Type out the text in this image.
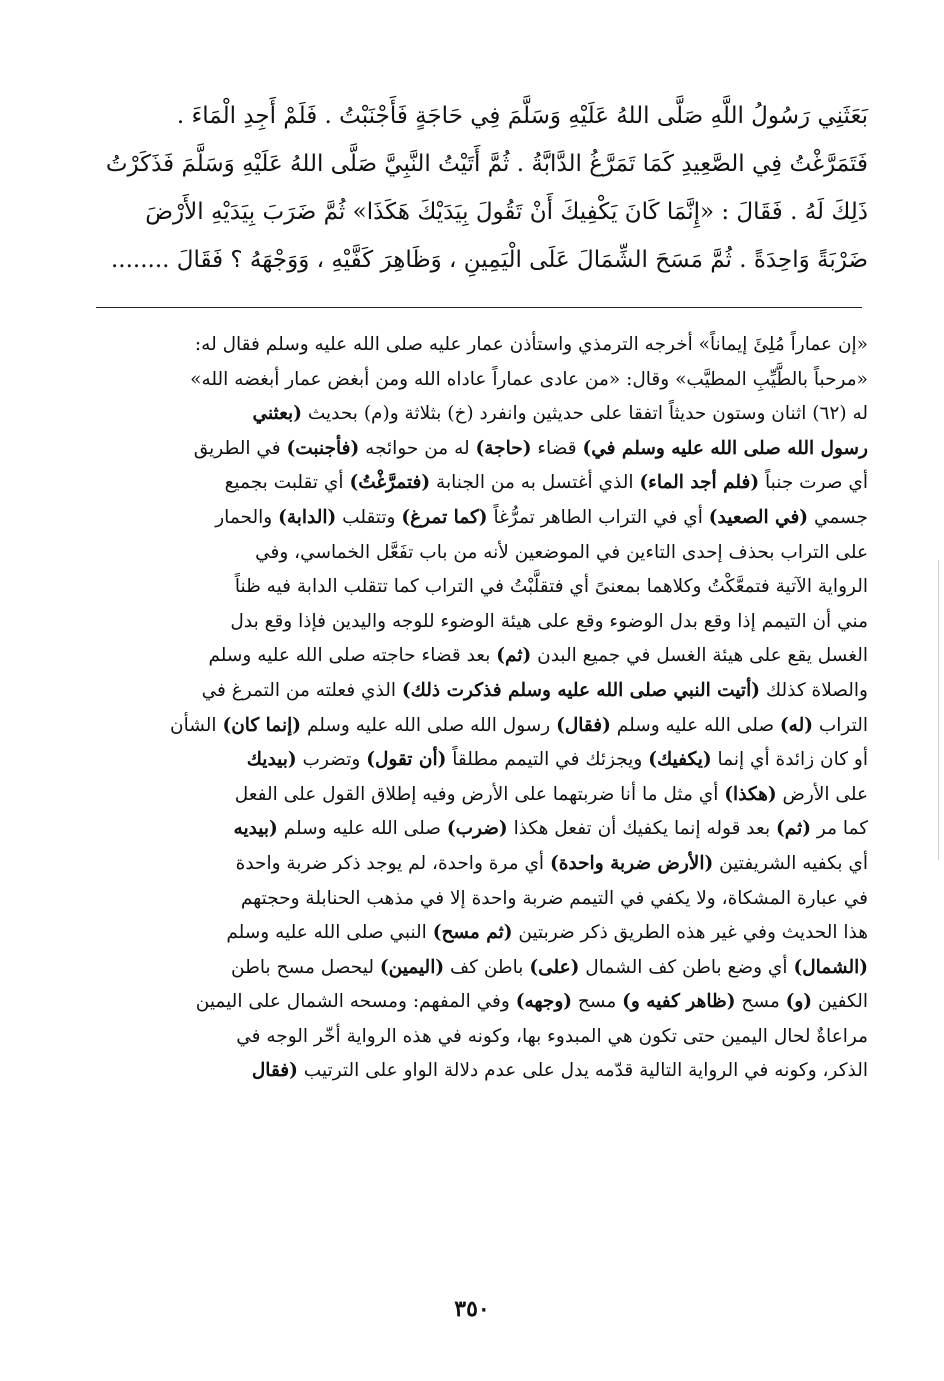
بَعَثَنِي رَسُولُ اللَّهِ صَلَّى اللهُ عَلَيْهِ وَسَلَّمَ فِي حَاجَةٍ فَأَجْنَبْتُ . فَلَمْ أَجِدِ الْمَاءَ .

فَتَمَرَّغْتُ فِي الصَّعِيدِ كَمَا تَمَرَّغُ الدَّابَّةُ . ثُمَّ أَتَيْتُ النَّبِيَّ صَلَّى اللهُ عَلَيْهِ وَسَلَّمَ فَذَكَرْتُ

ذَلِكَ لَهُ . فَقَالَ : «إِنَّمَا كَانَ يَكْفِيكَ أَنْ تَقُولَ بِيَدَيْكَ هَكَذَا» ثُمَّ ضَرَبَ بِيَدَيْهِ الأَرْضَ

ضَرْبَةً وَاحِدَةً . ثُمَّ مَسَحَ الشِّمَالَ عَلَى الْيَمِينِ ، وَظَاهِرَ كَفَّيْهِ ، وَوَجْهَهُ ؟ فَقَالَ ........

«إن عماراً مُلِئَ إيماناً» أخرجه الترمذي واستأذن عمار عليه صلى الله عليه وسلم فقال له:

«مرحباً بالطَّيِّبِ المطيَّب» وقال: «من عادى عماراً عاداه الله ومن أبغض عمار أبغضه الله»

له (٦٢) اثنان وستون حديثاً اتفقا على حديثين وانفرد (خ) بثلاثة و(م) بحديث (بعثني

رسول الله صلى الله عليه وسلم في) قضاء (حاجة) له من حوائجه (فأجنبت) في الطريق

أي صرت جنباً (فلم أجد الماء) الذي أغتسل به من الجنابة (فتمرَّغْتُ) أي تقلبت بجميع

جسمي (في الصعيد) أي في التراب الطاهر تمرُّغاً (كما تمرغ) وتتقلب (الدابة) والحمار

على التراب بحذف إحدى التاءين في الموضعين لأنه من باب تفَعَّل الخماسي، وفي

الرواية الآتية فتمعَّكْتُ وكلاهما بمعنىً أي فتقلَّبْتُ في التراب كما تتقلب الدابة فيه ظناً

مني أن التيمم إذا وقع بدل الوضوء وقع على هيئة الوضوء للوجه واليدين فإذا وقع بدل

الغسل يقع على هيئة الغسل في جميع البدن (ثم) بعد قضاء حاجته صلى الله عليه وسلم

والصلاة كذلك (أتيت النبي صلى الله عليه وسلم فذكرت ذلك) الذي فعلته من التمرغ في

التراب (له) صلى الله عليه وسلم (فقال) رسول الله صلى الله عليه وسلم (إنما كان) الشأن

أو كان زائدة أي إنما (يكفيك) ويجزئك في التيمم مطلقاً (أن تقول) وتضرب (بيديك

على الأرض (هكذا) أي مثل ما أنا ضربتهما على الأرض وفيه إطلاق القول على الفعل

كما مر (ثم) بعد قوله إنما يكفيك أن تفعل هكذا (ضرب) صلى الله عليه وسلم (بيديه

أي بكفيه الشريفتين (الأرض ضربة واحدة) أي مرة واحدة، لم يوجد ذكر ضربة واحدة

في عبارة المشكاة، ولا يكفي في التيمم ضربة واحدة إلا في مذهب الحنابلة وحجتهم

هذا الحديث وفي غير هذه الطريق ذكر ضربتين (ثم مسح) النبي صلى الله عليه وسلم

(الشمال) أي وضع باطن كف الشمال (على) باطن كف (اليمين) ليحصل مسح باطن

الكفين (و) مسح (ظاهر كفيه و) مسح (وجهه) وفي المفهم: ومسحه الشمال على اليمين

مراعاةٌ لحال اليمين حتى تكون هي المبدوء بها، وكونه في هذه الرواية أخّر الوجه في

الذكر، وكونه في الرواية التالية قدّمه يدل على عدم دلالة الواو على الترتيب (فقال

٣٥٠
